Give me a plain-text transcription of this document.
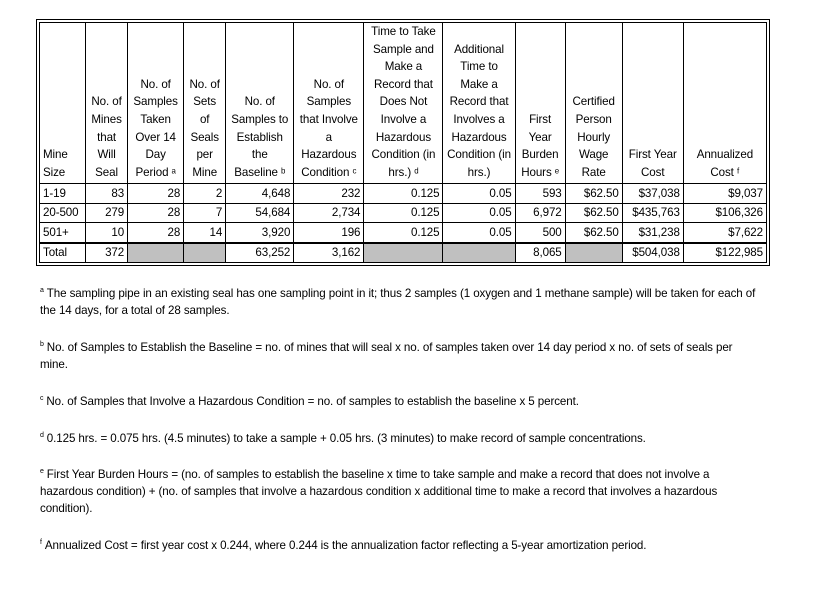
Mine Size	No. of Mines that Will Seal	No. of Samples Taken Over 14 Day Period ᵃ	No. of Sets of Seals per Mine	No. of Samples to Establish the Baseline ᵇ	No. of Samples that Involve a Hazardous Condition ᶜ	Time to Take Sample and Make a Record that Does Not Involve a Hazardous Condition (in hrs.) ᵈ	Additional Time to Make a Record that Involves a Hazardous Condition (in hrs.)	First Year Burden Hours ᵉ	Certified Person Hourly Wage Rate	First Year Cost	Annualized Cost ᶠ
1-19	83	28	2	4,648	232	0.125	0.05	593	$62.50	$37,038	$9,037
20-500	279	28	7	54,684	2,734	0.125	0.05	6,972	$62.50	$435,763	$106,326
501+	10	28	14	3,920	196	0.125	0.05	500	$62.50	$31,238	$7,622
Total	372			63,252	3,162			8,065		$504,038	$122,985

$^a$ The sampling pipe in an existing seal has one sampling point in it; thus 2 samples (1 oxygen and 1 methane sample) will be taken for each of the 14 days, for a total of 28 samples.

$^b$ No. of Samples to Establish the Baseline = no. of mines that will seal x no. of samples taken over 14 day period x no. of sets of seals per mine.

$^c$ No. of Samples that Involve a Hazardous Condition = no. of samples to establish the baseline x 5 percent.

$^d$ 0.125 hrs. = 0.075 hrs. (4.5 minutes) to take a sample + 0.05 hrs. (3 minutes) to make record of sample concentrations.

$^e$ First Year Burden Hours = (no. of samples to establish the baseline x time to take sample and make a record that does not involve a hazardous condition) + (no. of samples that involve a hazardous condition x additional time to make a record that involves a hazardous condition).

$^f$ Annualized Cost = first year cost x 0.244, where 0.244 is the annualization factor reflecting a 5-year amortization period.
